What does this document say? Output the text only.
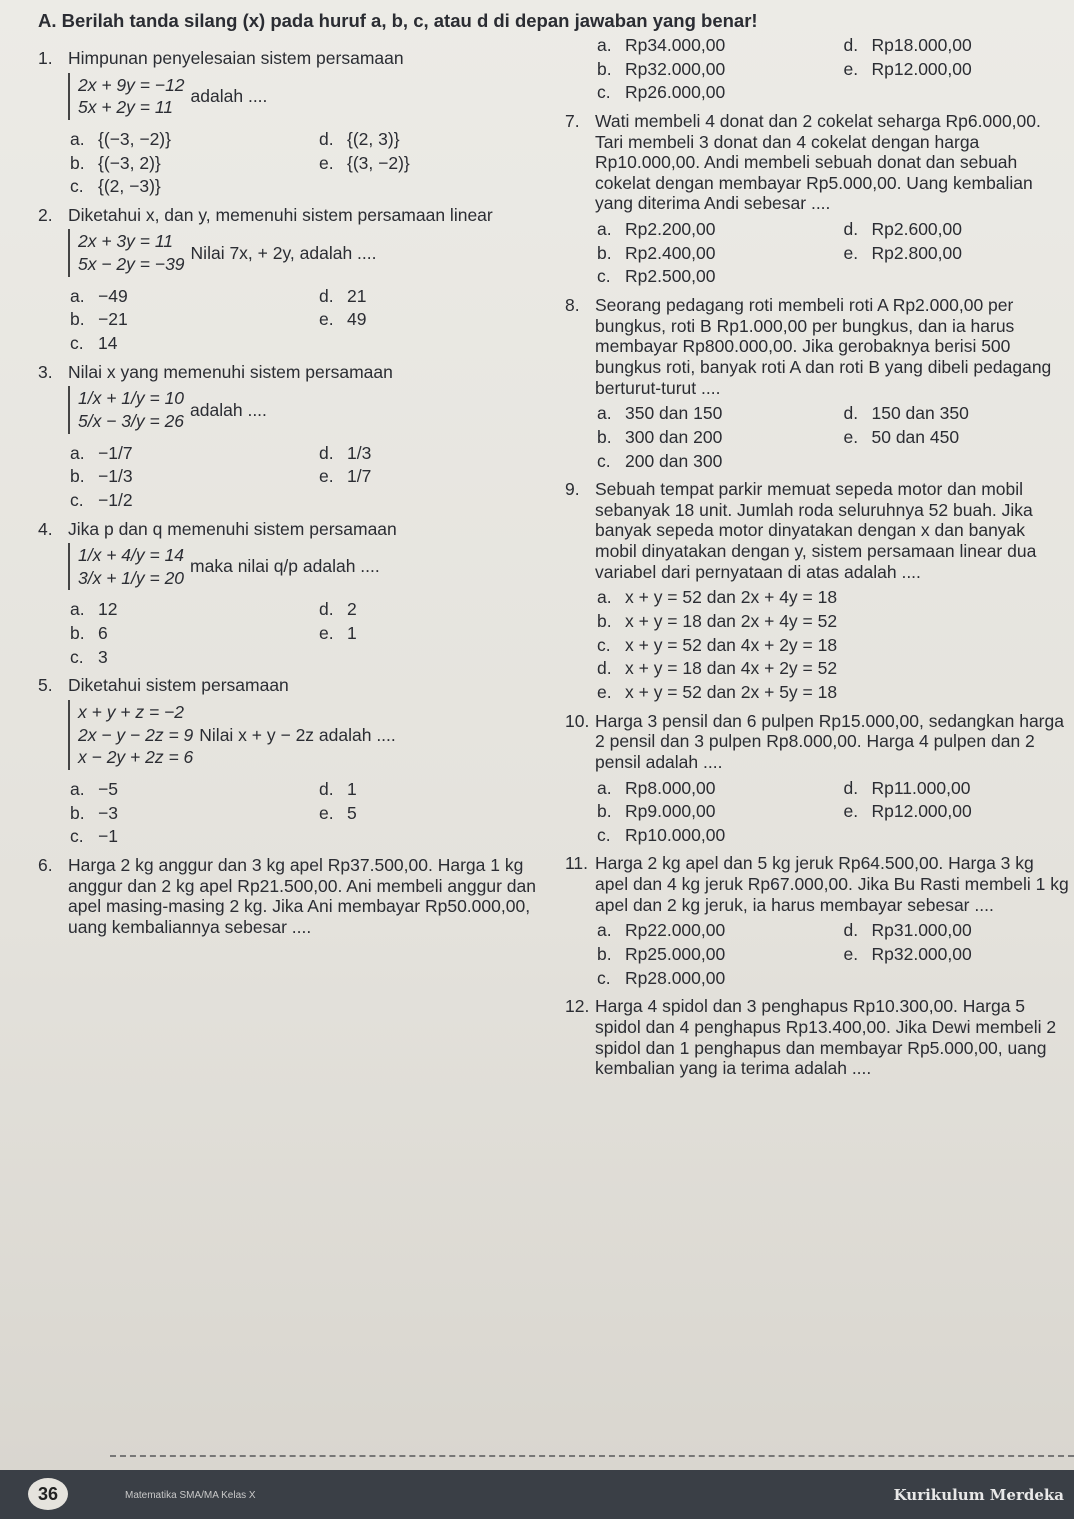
A. Berilah tanda silang (x) pada huruf a, b, c, atau d di depan jawaban yang benar!
1. Himpunan penyelesaian sistem persamaan
2x + 9y = −12
5x + 2y = 11
adalah ....
a. {(−3, −2)}	d. {(2, 3)}
b. {(−3, 2)}	e. {(3, −2)}
c. {(2, −3)}
2. Diketahui x, dan y, memenuhi sistem persamaan linear
2x + 3y = 11
5x − 2y = −39
Nilai 7x, + 2y, adalah ....
a. −49	d. 21
b. −21	e. 49
c. 14
3. Nilai x yang memenuhi sistem persamaan
1/x + 1/y = 10
5/x − 3/y = 26
adalah ....
a. −1/7	d. 1/3
b. −1/3	e. 1/7
c. −1/2
4. Jika p dan q memenuhi sistem persamaan
1/x + 4/y = 14
3/x + 1/y = 20
maka nilai q/p adalah ....
a. 12	d. 2
b. 6	e. 1
c. 3
5. Diketahui sistem persamaan
x + y + z = −2
2x − y − 2z = 9
x − 2y + 2z = 6
Nilai x + y − 2z adalah ....
a. −5	d. 1
b. −3	e. 5
c. −1
6. Harga 2 kg anggur dan 3 kg apel Rp37.500,00. Harga 1 kg anggur dan 2 kg apel Rp21.500,00. Ani membeli anggur dan apel masing-masing 2 kg. Jika Ani membayar Rp50.000,00, uang kembaliannya sebesar ....
a. Rp34.000,00	d. Rp18.000,00
b. Rp32.000,00	e. Rp12.000,00
c. Rp26.000,00
7. Wati membeli 4 donat dan 2 cokelat seharga Rp6.000,00. Tari membeli 3 donat dan 4 cokelat dengan harga Rp10.000,00. Andi membeli sebuah donat dan sebuah cokelat dengan membayar Rp5.000,00. Uang kembalian yang diterima Andi sebesar ....
a. Rp2.200,00	d. Rp2.600,00
b. Rp2.400,00	e. Rp2.800,00
c. Rp2.500,00
8. Seorang pedagang roti membeli roti A Rp2.000,00 per bungkus, roti B Rp1.000,00 per bungkus, dan ia harus membayar Rp800.000,00. Jika gerobaknya berisi 500 bungkus roti, banyak roti A dan roti B yang dibeli pedagang berturut-turut ....
a. 350 dan 150	d. 150 dan 350
b. 300 dan 200	e. 50 dan 450
c. 200 dan 300
9. Sebuah tempat parkir memuat sepeda motor dan mobil sebanyak 18 unit. Jumlah roda seluruhnya 52 buah. Jika banyak sepeda motor dinyatakan dengan x dan banyak mobil dinyatakan dengan y, sistem persamaan linear dua variabel dari pernyataan di atas adalah ....
a. x + y = 52 dan 2x + 4y = 18
b. x + y = 18 dan 2x + 4y = 52
c. x + y = 52 dan 4x + 2y = 18
d. x + y = 18 dan 4x + 2y = 52
e. x + y = 52 dan 2x + 5y = 18
10. Harga 3 pensil dan 6 pulpen Rp15.000,00, sedangkan harga 2 pensil dan 3 pulpen Rp8.000,00. Harga 4 pulpen dan 2 pensil adalah ....
a. Rp8.000,00	d. Rp11.000,00
b. Rp9.000,00	e. Rp12.000,00
c. Rp10.000,00
11. Harga 2 kg apel dan 5 kg jeruk Rp64.500,00. Harga 3 kg apel dan 4 kg jeruk Rp67.000,00. Jika Bu Rasti membeli 1 kg apel dan 2 kg jeruk, ia harus membayar sebesar ....
a. Rp22.000,00	d. Rp31.000,00
b. Rp25.000,00	e. Rp32.000,00
c. Rp28.000,00
12. Harga 4 spidol dan 3 penghapus Rp10.300,00. Harga 5 spidol dan 4 penghapus Rp13.400,00. Jika Dewi membeli 2 spidol dan 1 penghapus dan membayar Rp5.000,00, uang kembalian yang ia terima adalah ....
36	Matematika SMA/MA Kelas X	Kurikulum Merdeka
